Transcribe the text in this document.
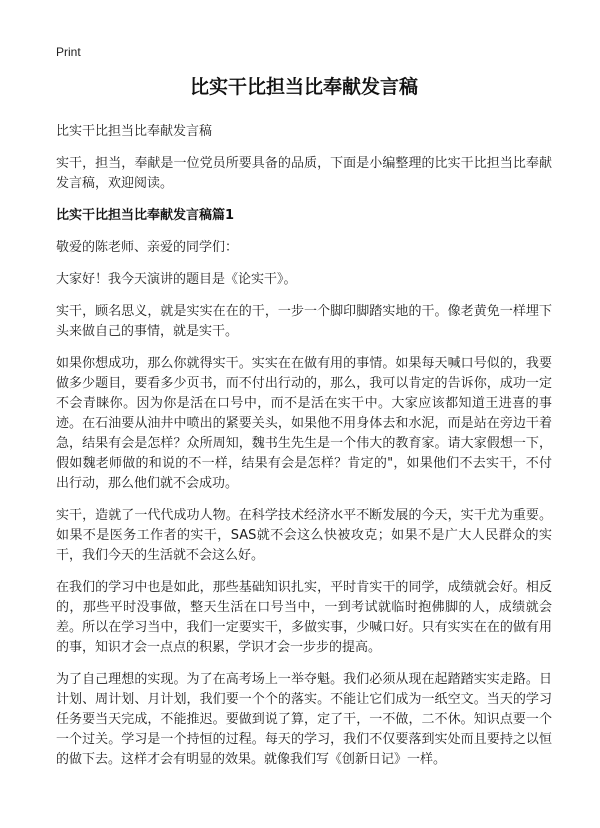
Print
比实干比担当比奉献发言稿

比实干比担当比奉献发言稿

实干，担当，奉献是一位党员所要具备的品质，下面是小编整理的比实干比担当比奉献发言稿，欢迎阅读。

比实干比担当比奉献发言稿篇1

敬爱的陈老师、亲爱的同学们：

大家好！我今天演讲的题目是《论实干》。

实干，顾名思义，就是实实在在的干，一步一个脚印脚踏实地的干。像老黄免一样埋下头来做自己的事情，就是实干。

如果你想成功，那么你就得实干。实实在在做有用的事情。如果每天喊口号似的，我要做多少题目，要看多少页书，而不付出行动的，那么，我可以肯定的告诉你，成功一定不会青睐你。因为你是活在口号中，而不是活在实干中。大家应该都知道王进喜的事迹。在石油要从油井中喷出的紧要关头，如果他不用身体去和水泥，而是站在旁边干着急，结果有会是怎样？众所周知，魏书生先生是一个伟大的教育家。请大家假想一下，假如魏老师做的和说的不一样，结果有会是怎样？肯定的"，如果他们不去实干，不付出行动，那么他们就不会成功。

实干，造就了一代代成功人物。在科学技术经济水平不断发展的今天，实干尤为重要。如果不是医务工作者的实干，SAS就不会这么快被攻克；如果不是广大人民群众的实干，我们今天的生活就不会这么好。

在我们的学习中也是如此，那些基础知识扎实，平时肯实干的同学，成绩就会好。相反的，那些平时没事做，整天生活在口号当中，一到考试就临时抱佛脚的人，成绩就会差。所以在学习当中，我们一定要实干，多做实事，少喊口好。只有实实在在的做有用的事，知识才会一点点的积累，学识才会一步步的提高。

为了自己理想的实现。为了在高考场上一举夺魁。我们必须从现在起踏踏实实走路。日计划、周计划、月计划，我们要一个个的落实。不能让它们成为一纸空文。当天的学习任务要当天完成，不能推迟。要做到说了算，定了干，一不做，二不休。知识点要一个一个过关。学习是一个持恒的过程。每天的学习，我们不仅要落到实处而且要持之以恒的做下去。这样才会有明显的效果。就像我们写《创新日记》一样。
